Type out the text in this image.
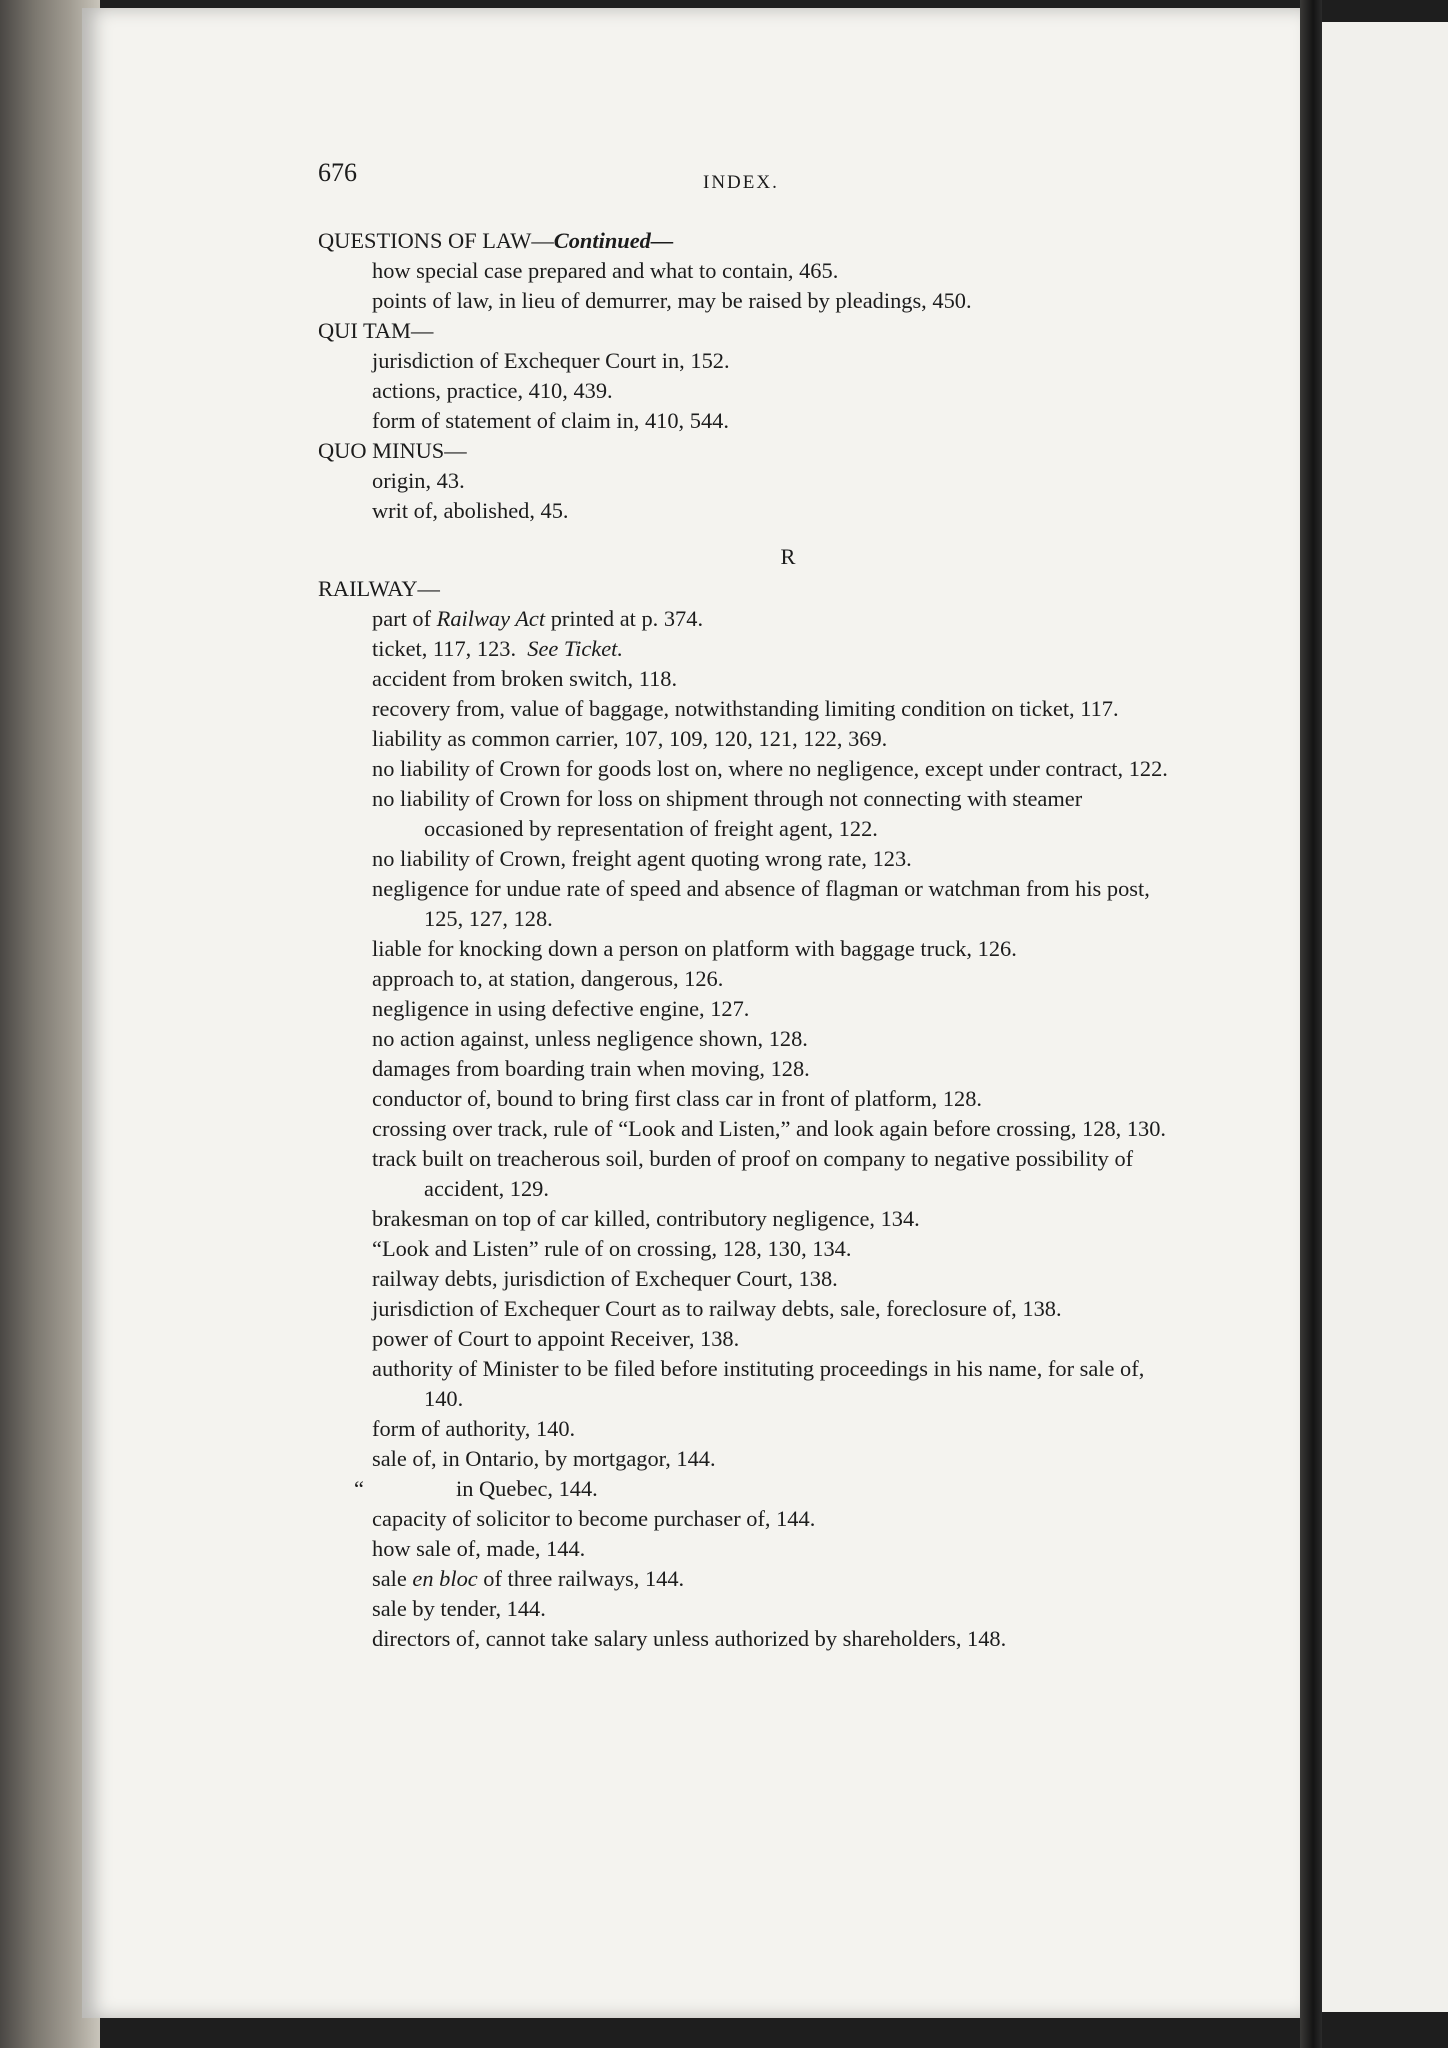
676	INDEX.
QUESTIONS OF LAW—Continued—
how special case prepared and what to contain, 465.
points of law, in lieu of demurrer, may be raised by pleadings, 450.
QUI TAM—
jurisdiction of Exchequer Court in, 152.
actions, practice, 410, 439.
form of statement of claim in, 410, 544.
QUO MINUS—
origin, 43.
writ of, abolished, 45.
R
RAILWAY—
part of Railway Act printed at p. 374.
ticket, 117, 123.  See Ticket.
accident from broken switch, 118.
recovery from, value of baggage, notwithstanding limiting condition on ticket, 117.
liability as common carrier, 107, 109, 120, 121, 122, 369.
no liability of Crown for goods lost on, where no negligence, except under contract, 122.
no liability of Crown for loss on shipment through not connecting with steamer occasioned by representation of freight agent, 122.
no liability of Crown, freight agent quoting wrong rate, 123.
negligence for undue rate of speed and absence of flagman or watchman from his post, 125, 127, 128.
liable for knocking down a person on platform with baggage truck, 126.
approach to, at station, dangerous, 126.
negligence in using defective engine, 127.
no action against, unless negligence shown, 128.
damages from boarding train when moving, 128.
conductor of, bound to bring first class car in front of platform, 128.
crossing over track, rule of “Look and Listen,” and look again before crossing, 128, 130.
track built on treacherous soil, burden of proof on company to negative possibility of accident, 129.
brakesman on top of car killed, contributory negligence, 134.
“Look and Listen” rule of on crossing, 128, 130, 134.
railway debts, jurisdiction of Exchequer Court, 138.
jurisdiction of Exchequer Court as to railway debts, sale, foreclosure of, 138.
power of Court to appoint Receiver, 138.
authority of Minister to be filed before instituting proceedings in his name, for sale of, 140.
form of authority, 140.
sale of, in Ontario, by mortgagor, 144.
“	in Quebec, 144.
capacity of solicitor to become purchaser of, 144.
how sale of, made, 144.
sale en bloc of three railways, 144.
sale by tender, 144.
directors of, cannot take salary unless authorized by shareholders, 148.
